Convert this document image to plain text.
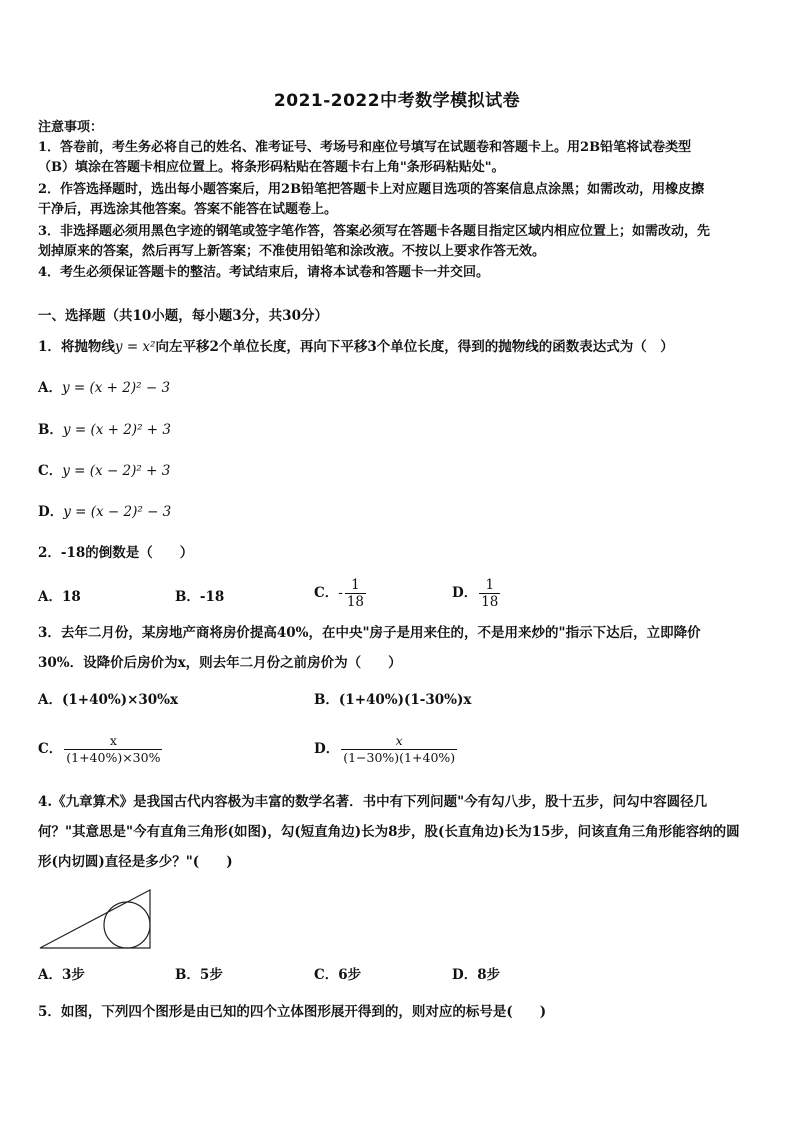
2021-2022中考数学模拟试卷
注意事项：
1．答卷前，考生务必将自己的姓名、准考证号、考场号和座位号填写在试题卷和答题卡上。用2B铅笔将试卷类型
（B）填涂在答题卡相应位置上。将条形码粘贴在答题卡右上角"条形码粘贴处"。
2．作答选择题时，选出每小题答案后，用2B铅笔把答题卡上对应题目选项的答案信息点涂黑；如需改动，用橡皮擦
干净后，再选涂其他答案。答案不能答在试题卷上。
3．非选择题必须用黑色字迹的钢笔或签字笔作答，答案必须写在答题卡各题目指定区域内相应位置上；如需改动，先
划掉原来的答案，然后再写上新答案；不准使用铅笔和涂改液。不按以上要求作答无效。
4．考生必须保证答题卡的整洁。考试结束后，请将本试卷和答题卡一并交回。
一、选择题（共10小题，每小题3分，共30分）
1．将抛物线y = x²向左平移2个单位长度，再向下平移3个单位长度，得到的抛物线的函数表达式为（　）
A．y = (x + 2)² − 3
B．y = (x + 2)² + 3
C．y = (x − 2)² + 3
D．y = (x − 2)² − 3
2．-18的倒数是（　　）
A．18	B．-18	C．- $\frac{1}{18}$	D． $\frac{1}{18}$
3．去年二月份，某房地产商将房价提高40%，在中央"房子是用来住的，不是用来炒的"指示下达后，立即降价
30%．设降价后房价为x，则去年二月份之前房价为（　　）
A．(1+40%)×30%x	B．(1+40%)(1-30%)x
C． $\frac{x}{(1+40\%)\times 30\%}$	D． $\frac{x}{(1-30\%)(1+40\%)}$
4.《九章算术》是我国古代内容极为丰富的数学名著．书中有下列问题"今有勾八步，股十五步，问勾中容圆径几
何？"其意思是"今有直角三角形(如图)，勾(短直角边)长为8步，股(长直角边)长为15步，问该直角三角形能容纳的圆
形(内切圆)直径是多少？"(　　)
A．3步	B．5步	C．6步	D．8步
5．如图，下列四个图形是由已知的四个立体图形展开得到的，则对应的标号是(　　)
